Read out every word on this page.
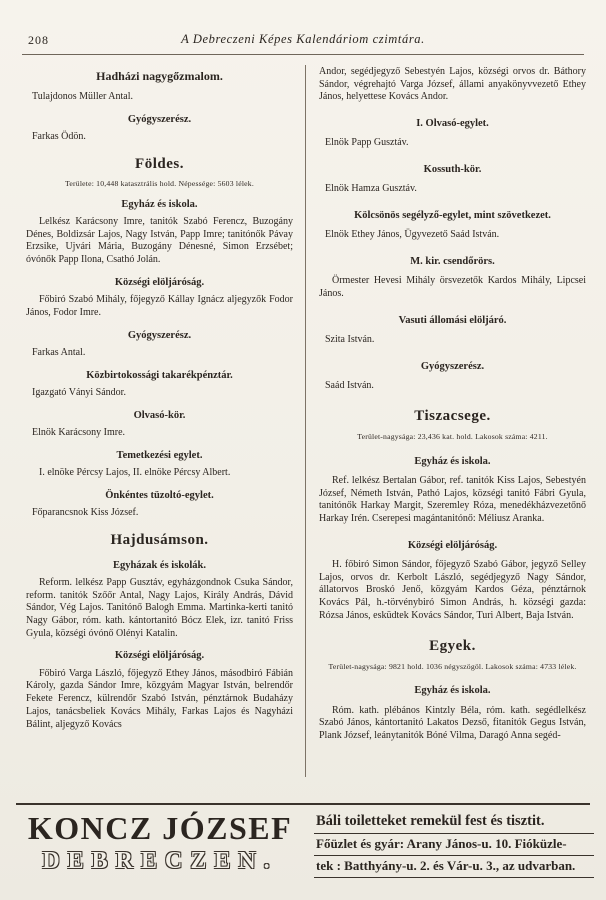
208	A Debreczeni Képes Kalendáriom czimtára.
Hadházi nagygőzmalom.
Tulajdonos Müller Antal.
Gyógyszerész.
Farkas Ödön.
Földes.
Területe: 10,448 katasztrális hold. Népessége: 5603 lélek.
Egyház és iskola.
Lelkész Karácsony Imre, tanitók Szabó Ferencz, Buzogány Dénes, Boldizsár Lajos, Nagy István, Papp Imre; tanitónők Pávay Erzsike, Ujvári Mária, Buzogány Dénesné, Simon Erzsébet; óvónők Papp Ilona, Csathó Jolán.
Községi elöljáróság.
Főbiró Szabó Mihály, főjegyző Kállay Ignácz aljegyzők Fodor János, Fodor Imre.
Gyógyszerész.
Farkas Antal.
Közbirtokossági takarékpénztár.
Igazgató Ványi Sándor.
Olvasó-kör.
Elnök Karácsony Imre.
Temetkezési egylet.
I. elnöke Pércsy Lajos, II. elnöke Pércsy Albert.
Önkéntes tüzoltó-egylet.
Főparancsnok Kiss József.
Hajdusámson.
Egyházak és iskolák.
Reform. lelkész Papp Gusztáv, egyházgondnok Csuka Sándor, reform. tanitók Szőőr Antal, Nagy Lajos, Király András, Dávid Sándor, Vég Lajos. Tanitónő Balogh Emma. Martinka-kerti tanitó Nagy Gábor, róm. kath. kántortanitó Bócz Elek, izr. tanitó Friss Gyula, községi óvónő Olényi Katalin.
Községi elöljáróság.
Főbiró Varga László, főjegyző Ethey János, másodbiró Fábián Károly, gazda Sándor Imre, közgyám Magyar István, belrendőr Fekete Ferencz, külrendőr Szabó István, pénztárnok Budaházy Lajos, tanácsbeliek Kovács Mihály, Farkas Lajos és Nagyházi Bálint, aljegyző Kovács
Andor, segédjegyző Sebestyén Lajos, községi orvos dr. Báthory Sándor, végrehajtó Varga József, állami anyakönyvvezető Ethey János, helyettese Kovács Andor.
I. Olvasó-egylet.
Elnök Papp Gusztáv.
Kossuth-kör.
Elnök Hamza Gusztáv.
Kölcsönös segélyző-egylet, mint szövetkezet.
Elnök Ethey János, Ügyvezető Saád István.
M. kir. csendőrörs.
Örmester Hevesi Mihály örsvezetők Kardos Mihály, Lipcsei János.
Vasuti állomási elöljáró.
Szita István.
Gyógyszerész.
Saád István.
Tiszacsege.
Terület-nagysága: 23,436 kat. hold. Lakosok száma: 4211.
Egyház és iskola.
Ref. lelkész Bertalan Gábor, ref. tanitók Kiss Lajos, Sebestyén József, Németh István, Pathó Lajos, községi tanitó Fábri Gyula, tanitónők Harkay Margit, Szeremley Róza, menedékházvezetőnő Harkay Irén. Cserepesi magántanitónő: Méliusz Aranka.
Községi elöljáróság.
H. főbiró Simon Sándor, főjegyző Szabó Gábor, jegyző Selley Lajos, orvos dr. Kerbolt László, segédjegyző Nagy Sándor, állatorvos Broskó Jenő, közgyám Kardos Géza, pénztárnok Kovács Pál, h.-törvénybiró Simon András, h. községi gazda: Rózsa János, esküdtek Kovács Sándor, Turi Albert, Baja István.
Egyek.
Terület-nagysága: 9821 hold. 1036 négyszögöl. Lakosok száma: 4733 lélek.
Egyház és iskola.
Róm. kath. plébános Kintzly Béla, róm. kath. segédlelkész Szabó János, kántortanitó Lakatos Dezső, fitanitók Gegus István, Plank József, leánytanitók Bóné Vilma, Daragó Anna segéd-
KONCZ JÓZSEF
DEBRECZEN.
Báli toiletteket remekül fest és tisztit.
Főüzlet és gyár: Arany János-u. 10. Fióküzle-
tek : Batthyány-u. 2. és Vár-u. 3., az udvarban.
